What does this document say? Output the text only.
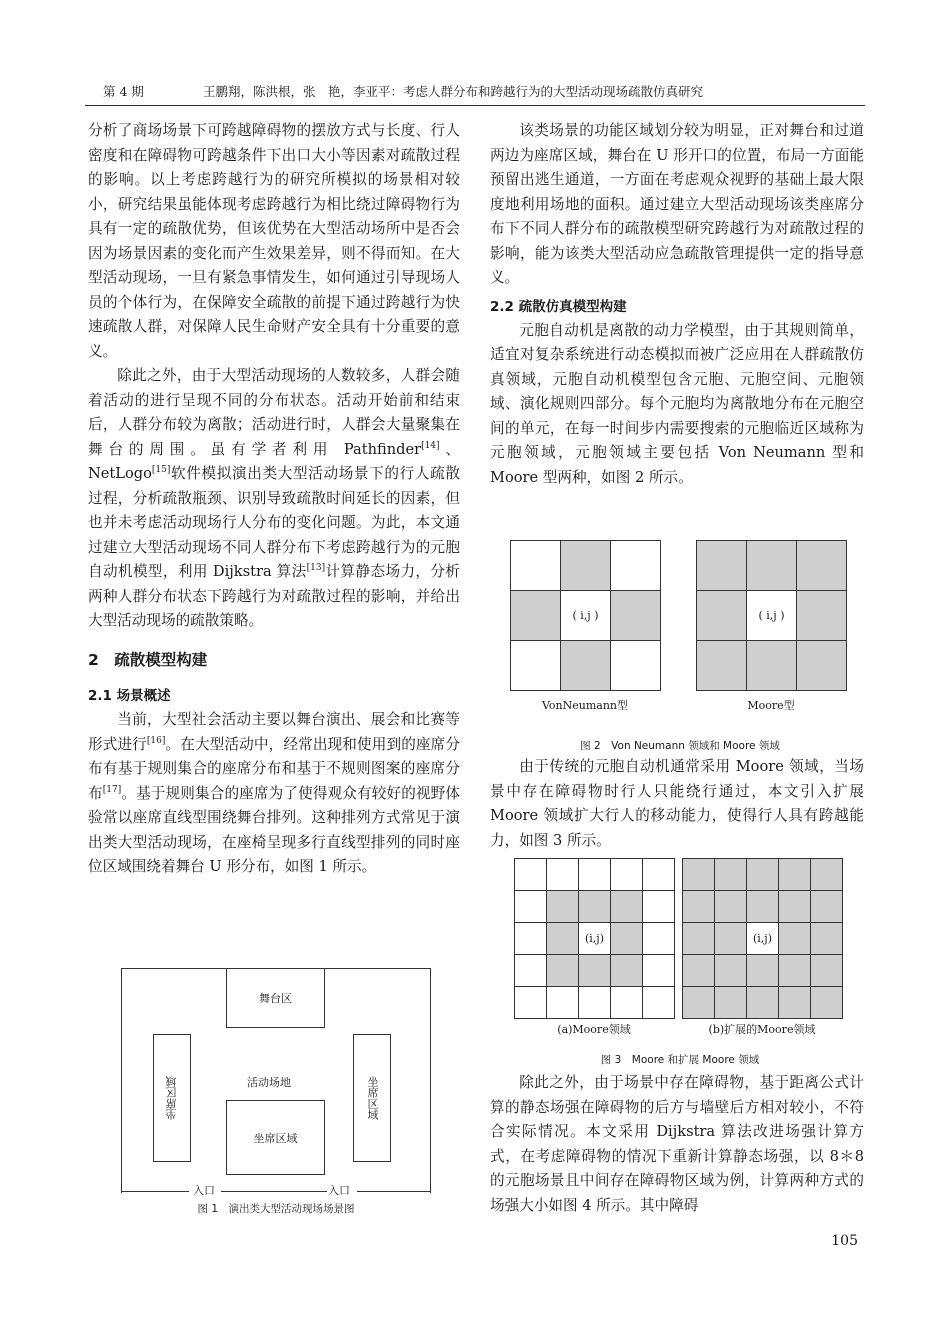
第 4 期	王鹏翔，陈洪根，张　艳，李亚平：考虑人群分布和跨越行为的大型活动现场疏散仿真研究

分析了商场场景下可跨越障碍物的摆放方式与长度、行人密度和在障碍物可跨越条件下出口大小等因素对疏散过程的影响。以上考虑跨越行为的研究所模拟的场景相对较小，研究结果虽能体现考虑跨越行为相比绕过障碍物行为具有一定的疏散优势，但该优势在大型活动场所中是否会因为场景因素的变化而产生效果差异，则不得而知。在大型活动现场，一旦有紧急事情发生，如何通过引导现场人员的个体行为，在保障安全疏散的前提下通过跨越行为快速疏散人群，对保障人民生命财产安全具有十分重要的意义。

除此之外，由于大型活动现场的人数较多，人群会随着活动的进行呈现不同的分布状态。活动开始前和结束后，人群分布较为离散；活动进行时，人群会大量聚集在舞台的周围。虽有学者利用 Pathfinder[14]、NetLogo[15]软件模拟演出类大型活动场景下的行人疏散过程，分析疏散瓶颈、识别导致疏散时间延长的因素，但也并未考虑活动现场行人分布的变化问题。为此，本文通过建立大型活动现场不同人群分布下考虑跨越行为的元胞自动机模型，利用 Dijkstra 算法[13]计算静态场力，分析两种人群分布状态下跨越行为对疏散过程的影响，并给出大型活动现场的疏散策略。

2　疏散模型构建
2.1 场景概述

当前，大型社会活动主要以舞台演出、展会和比赛等形式进行[16]。在大型活动中，经常出现和使用到的座席分布有基于规则集合的座席分布和基于不规则图案的座席分布[17]。基于规则集合的座席为了使得观众有较好的视野体验常以座席直线型围绕舞台排列。这种排列方式常见于演出类大型活动现场，在座椅呈现多行直线型排列的同时座位区域围绕着舞台 U 形分布，如图 1 所示。

入口	入口
舞台区
坐席区域	坐席区域
活动场地
坐席区域
图 1　演出类大型活动现场场景图

该类场景的功能区域划分较为明显，正对舞台和过道两边为座席区域，舞台在 U 形开口的位置，布局一方面能预留出逃生通道，一方面在考虑观众视野的基础上最大限度地利用场地的面积。通过建立大型活动现场该类座席分布下不同人群分布的疏散模型研究跨越行为对疏散过程的影响，能为该类大型活动应急疏散管理提供一定的指导意义。

2.2 疏散仿真模型构建

元胞自动机是离散的动力学模型，由于其规则简单，适宜对复杂系统进行动态模拟而被广泛应用在人群疏散仿真领域，元胞自动机模型包含元胞、元胞空间、元胞领域、演化规则四部分。每个元胞均为离散地分布在元胞空间的单元，在每一时间步内需要搜索的元胞临近区域称为元胞领域，元胞领域主要包括 Von Neumann 型和 Moore 型两种，如图 2 所示。

( i,j )	( i,j )
VonNeumann型	Moore型
图 2　Von Neumann 领域和 Moore 领域

由于传统的元胞自动机通常采用 Moore 领域，当场景中存在障碍物时行人只能绕行通过，本文引入扩展 Moore 领域扩大行人的移动能力，使得行人具有跨越能力，如图 3 所示。

(i,j)	(i,j)
(a)Moore领域	(b)扩展的Moore领域
图 3　Moore 和扩展 Moore 领域

除此之外，由于场景中存在障碍物，基于距离公式计算的静态场强在障碍物的后方与墙壁后方相对较小，不符合实际情况。本文采用 Dijkstra 算法改进场强计算方式，在考虑障碍物的情况下重新计算静态场强，以 8＊8 的元胞场景且中间存在障碍物区域为例，计算两种方式的场强大小如图 4 所示。其中障碍

105
